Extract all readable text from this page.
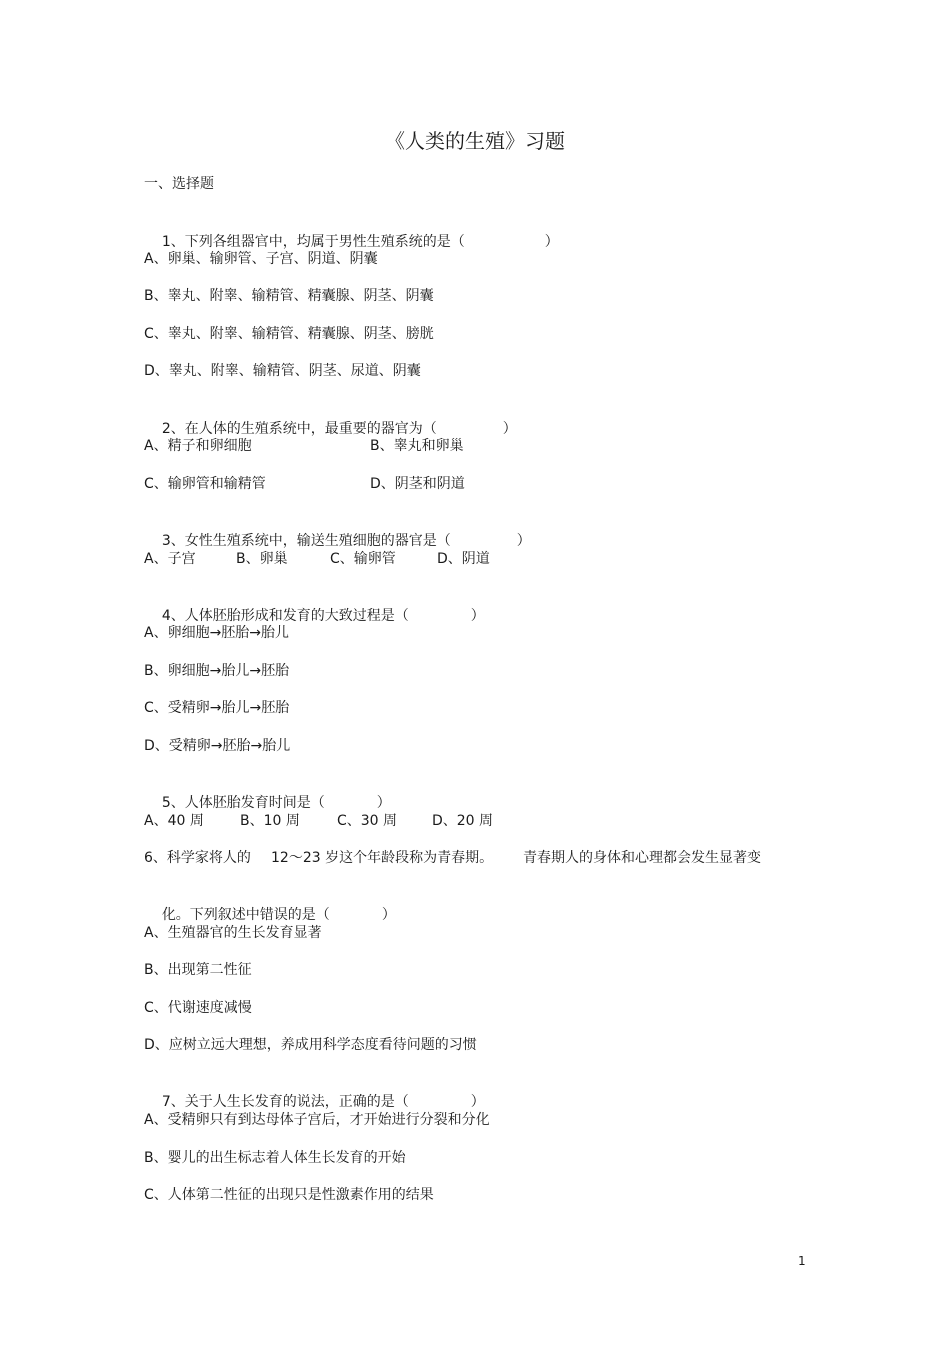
《人类的生殖》习题
一、选择题

1、下列各组器官中，均属于男性生殖系统的是（	）

A、卵巢、输卵管、子宫、阴道、阴囊
B、睾丸、附睾、输精管、精囊腺、阴茎、阴囊
C、睾丸、附睾、输精管、精囊腺、阴茎、膀胱
D、睾丸、附睾、输精管、阴茎、尿道、阴囊

2、在人体的生殖系统中，最重要的器官为（	）

A、精子和卵细胞	B、睾丸和卵巢
C、输卵管和输精管	D、阴茎和阴道

3、女性生殖系统中，输送生殖细胞的器官是（	）

A、子宫	B、卵巢	C、输卵管	D、阴道

4、人体胚胎形成和发育的大致过程是（	）

A、卵细胞→胚胎→胎儿
B、卵细胞→胎儿→胚胎
C、受精卵→胎儿→胚胎
D、受精卵→胚胎→胎儿

5、人体胚胎发育时间是（	）

A、40 周	B、10 周	C、30 周 D、20 周
6、科学家将人的 12～23 岁这个年龄段称为青春期。 青春期人的身体和心理都会发生显著变

化。下列叙述中错误的是（	）

A、生殖器官的生长发育显著
B、出现第二性征
C、代谢速度减慢
D、应树立远大理想，养成用科学态度看待问题的习惯

7、关于人生长发育的说法，正确的是（	）

A、受精卵只有到达母体子宫后，才开始进行分裂和分化
B、婴儿的出生标志着人体生长发育的开始
C、人体第二性征的出现只是性激素作用的结果
1
